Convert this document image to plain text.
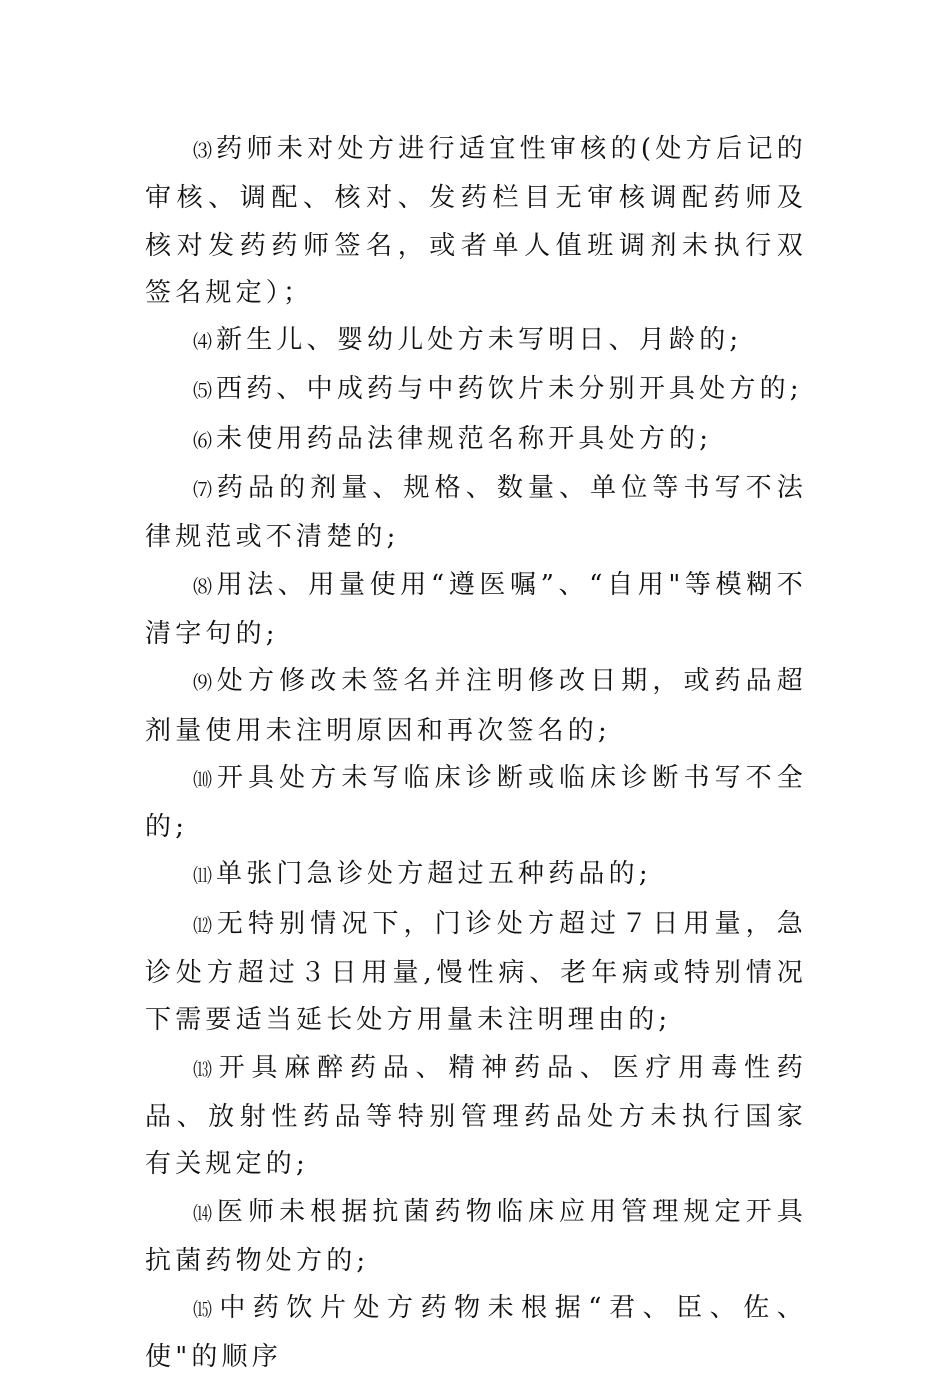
⑶ 药师未对处方进行适宜性审核的(处方后记的审核、调配、核对、发药栏目无审核调配药师及核对发药药师签名，或者单人值班调剂未执行双签名规定）；

⑷ 新生儿、婴幼儿处方未写明日、月龄的;

⑸ 西药、中成药与中药饮片未分别开具处方的;

⑹ 未使用药品法律规范名称开具处方的;

⑺ 药品的剂量、规格、数量、单位等书写不法律规范或不清楚的;

⑻ 用法、用量使用“遵医嘱”、“自用"等模糊不清字句的;

⑼ 处方修改未签名并注明修改日期，或药品超剂量使用未注明原因和再次签名的;

⑽ 开具处方未写临床诊断或临床诊断书写不全的;

⑾ 单张门急诊处方超过五种药品的;

⑿ 无特别情况下，门诊处方超过７日用量，急诊处方超过３日用量,慢性病、老年病或特别情况下需要适当延长处方用量未注明理由的;

⒀ 开具麻醉药品、精神药品、医疗用毒性药品、放射性药品等特别管理药品处方未执行国家有关规定的;

⒁ 医师未根据抗菌药物临床应用管理规定开具抗菌药物处方的;

⒂ 中药饮片处方药物未根据“君、臣、佐、使"的顺序
